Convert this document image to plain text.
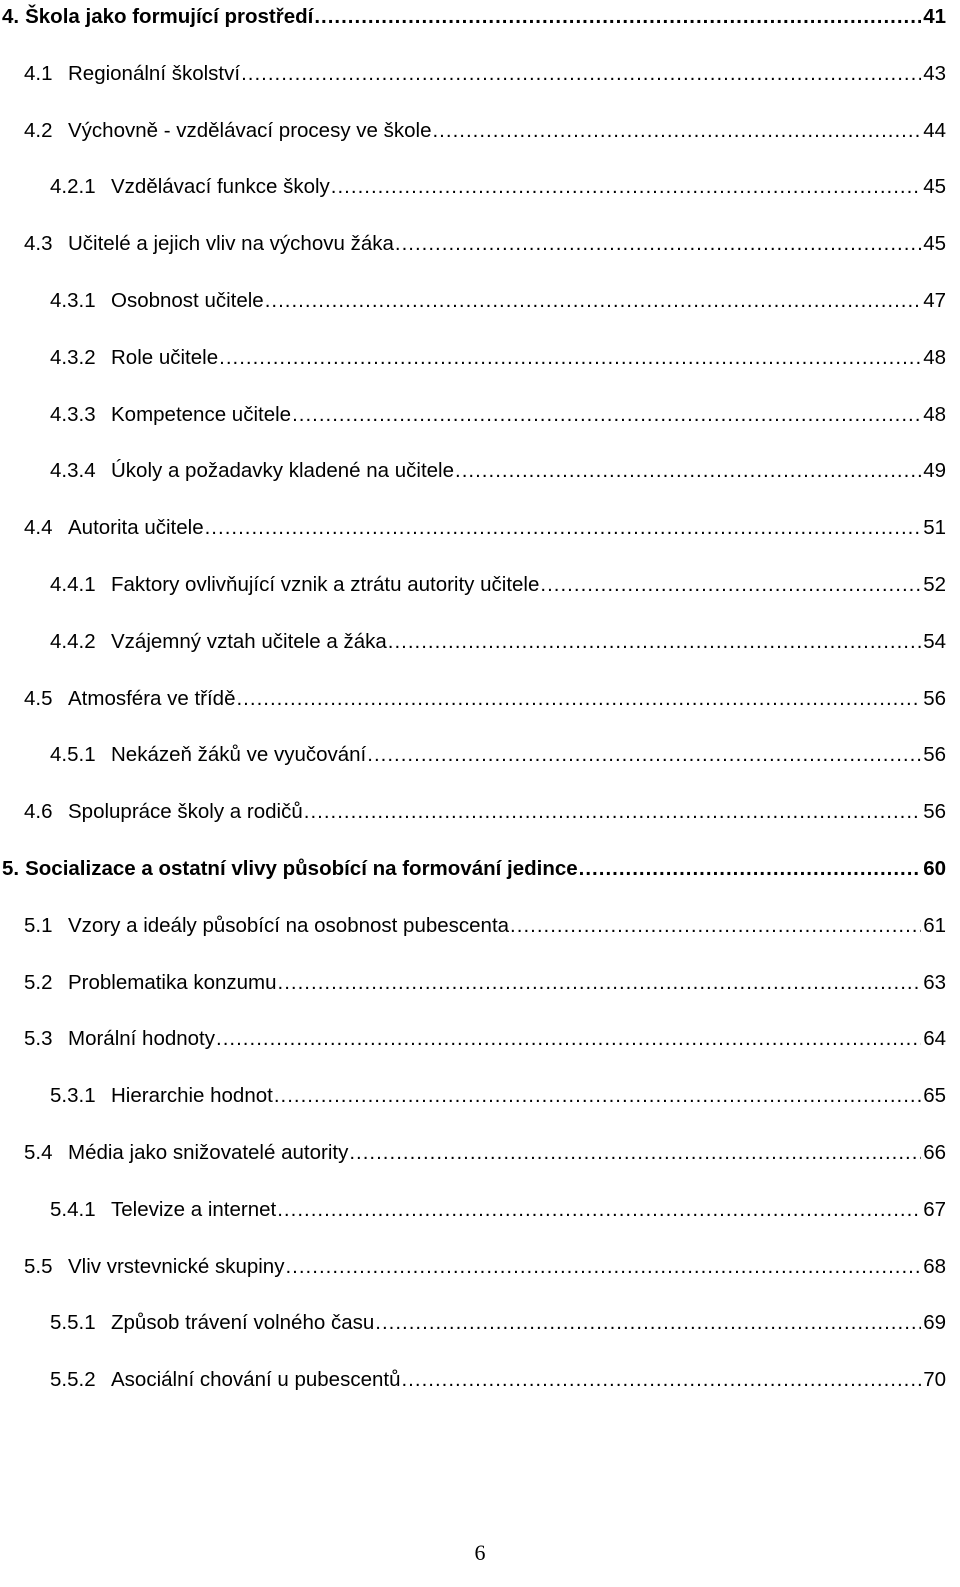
4. Škola jako formující prostředí .....	41
4.1 Regionální školství .....	43
4.2 Výchovně - vzdělávací procesy ve škole .....	44
4.2.1 Vzdělávací funkce školy .....	45
4.3 Učitelé a jejich vliv na výchovu žáka .....	45
4.3.1 Osobnost učitele .....	47
4.3.2 Role učitele .....	48
4.3.3 Kompetence učitele .....	48
4.3.4 Úkoly a požadavky kladené na učitele .....	49
4.4 Autorita učitele .....	51
4.4.1 Faktory ovlivňující vznik a ztrátu autority učitele .....	52
4.4.2 Vzájemný vztah učitele a žáka .....	54
4.5 Atmosféra ve třídě .....	56
4.5.1 Nekázeň žáků ve vyučování .....	56
4.6 Spolupráce školy a rodičů .....	56
5. Socializace a ostatní vlivy působící na formování jedince .....	60
5.1 Vzory a ideály působící na osobnost pubescenta .....	61
5.2 Problematika konzumu .....	63
5.3 Morální hodnoty .....	64
5.3.1 Hierarchie hodnot .....	65
5.4 Média jako snižovatelé autority .....	66
5.4.1 Televize a internet .....	67
5.5 Vliv vrstevnické skupiny .....	68
5.5.1 Způsob trávení volného času .....	69
5.5.2 Asociální chování u pubescentů .....	70
6
